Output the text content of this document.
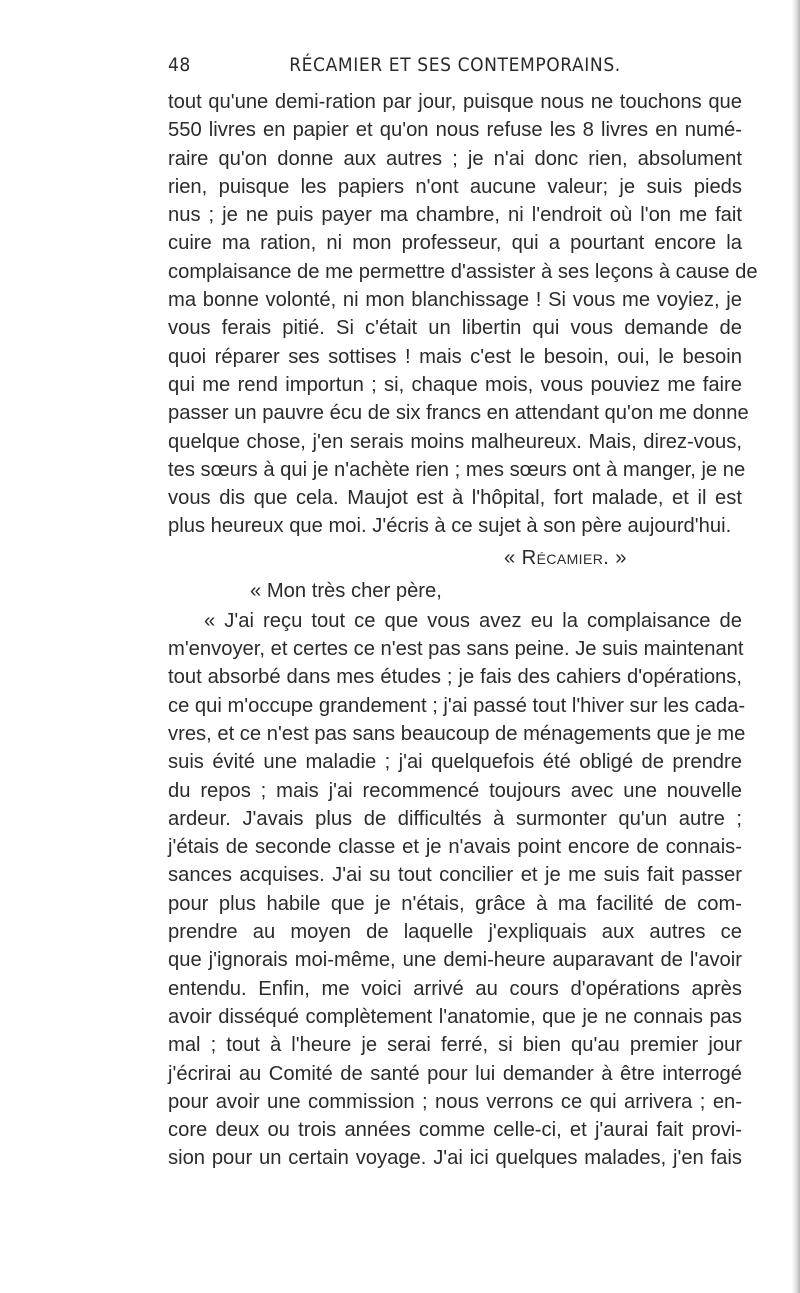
48	RÉCAMIER ET SES CONTEMPORAINS.
tout qu'une demi-ration par jour, puisque nous ne touchons que
550 livres en papier et qu'on nous refuse les 8 livres en numé-
raire qu'on donne aux autres ; je n'ai donc rien, absolument
rien, puisque les papiers n'ont aucune valeur; je suis pieds
nus ; je ne puis payer ma chambre, ni l'endroit où l'on me fait
cuire ma ration, ni mon professeur, qui a pourtant encore la
complaisance de me permettre d'assister à ses leçons à cause de
ma bonne volonté, ni mon blanchissage ! Si vous me voyiez, je
vous ferais pitié. Si c'était un libertin qui vous demande de
quoi réparer ses sottises ! mais c'est le besoin, oui, le besoin
qui me rend importun ; si, chaque mois, vous pouviez me faire
passer un pauvre écu de six francs en attendant qu'on me donne
quelque chose, j'en serais moins malheureux. Mais, direz-vous,
tes sœurs à qui je n'achète rien ; mes sœurs ont à manger, je ne
vous dis que cela. Maujot est à l'hôpital, fort malade, et il est
plus heureux que moi. J'écris à ce sujet à son père aujourd'hui.
« Récamier. »
« Mon très cher père,
« J'ai reçu tout ce que vous avez eu la complaisance de
m'envoyer, et certes ce n'est pas sans peine. Je suis maintenant
tout absorbé dans mes études ; je fais des cahiers d'opérations,
ce qui m'occupe grandement ; j'ai passé tout l'hiver sur les cada-
vres, et ce n'est pas sans beaucoup de ménagements que je me
suis évité une maladie ; j'ai quelquefois été obligé de prendre
du repos ; mais j'ai recommencé toujours avec une nouvelle
ardeur. J'avais plus de difficultés à surmonter qu'un autre ;
j'étais de seconde classe et je n'avais point encore de connais-
sances acquises. J'ai su tout concilier et je me suis fait passer
pour plus habile que je n'étais, grâce à ma facilité de com-
prendre au moyen de laquelle j'expliquais aux autres ce
que j'ignorais moi-même, une demi-heure auparavant de l'avoir
entendu. Enfin, me voici arrivé au cours d'opérations après
avoir disséqué complètement l'anatomie, que je ne connais pas
mal ; tout à l'heure je serai ferré, si bien qu'au premier jour
j'écrirai au Comité de santé pour lui demander à être interrogé
pour avoir une commission ; nous verrons ce qui arrivera ; en-
core deux ou trois années comme celle-ci, et j'aurai fait provi-
sion pour un certain voyage. J'ai ici quelques malades, j'en fais
